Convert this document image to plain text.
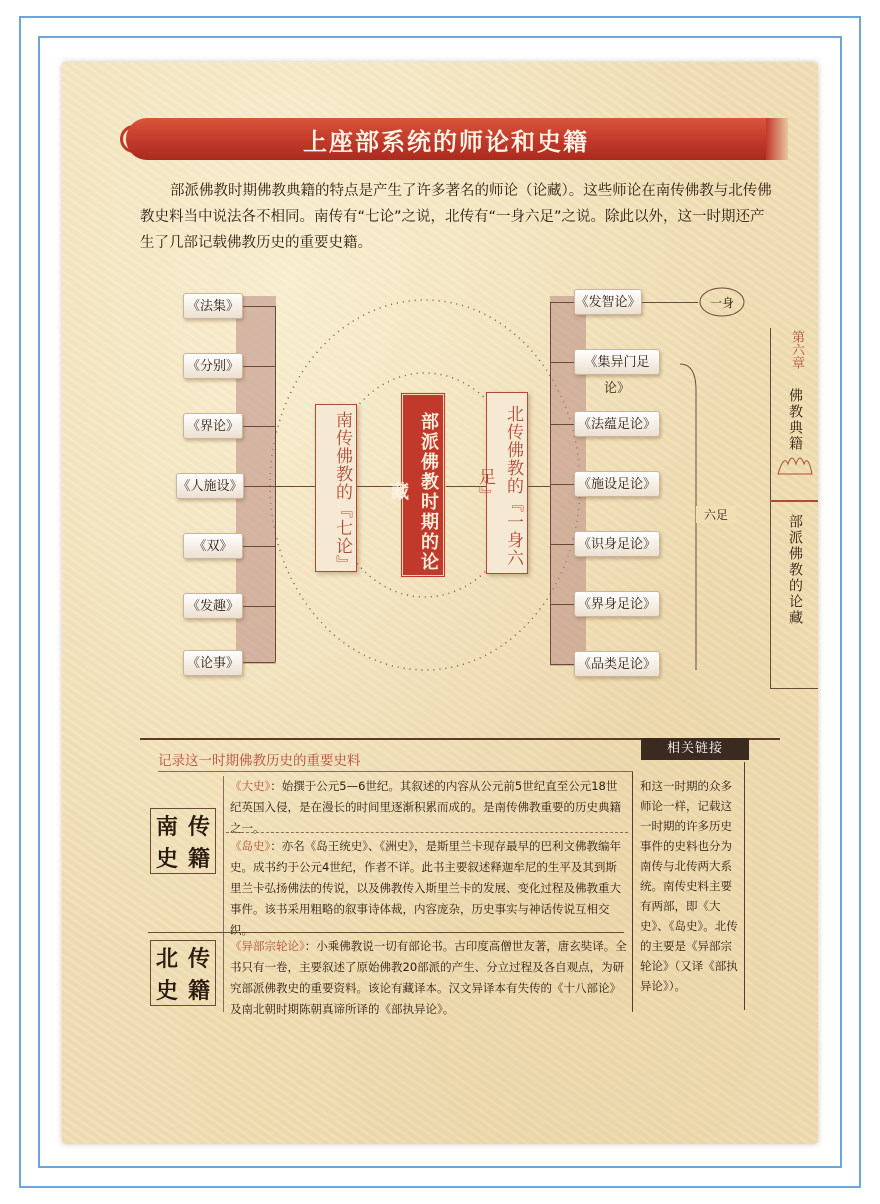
上座部系统的师论和史籍
部派佛教时期佛教典籍的特点是产生了许多著名的师论（论藏）。这些师论在南传佛教与北传佛教史料当中说法各不相同。南传有“七论”之说，北传有“一身六足”之说。除此以外，这一时期还产生了几部记载佛教历史的重要史籍。
《法集》
《分别》
《界论》
《人施设》
《双》
《发趣》
《论事》
南传佛教的『七论』	部派佛教时期的论藏	北传佛教的『一身六足』
《发智论》
《集异门足论》
《法蕴足论》
《施设足论》
《识身足论》
《界身足论》
《品类足论》
一身
六足
第六章
佛教典籍
部派佛教的论藏
相关链接
记录这一时期佛教历史的重要史料
南 传
史 籍
北 传
史 籍
《大史》：始撰于公元5—6世纪。其叙述的内容从公元前5世纪直至公元18世纪英国入侵，是在漫长的时间里逐渐积累而成的。是南传佛教重要的历史典籍之一。
《岛史》：亦名《岛王统史》、《洲史》，是斯里兰卡现存最早的巴利文佛教编年史。成书约于公元4世纪，作者不详。此书主要叙述释迦牟尼的生平及其到斯里兰卡弘扬佛法的传说，以及佛教传入斯里兰卡的发展、变化过程及佛教重大事件。该书采用粗略的叙事诗体裁，内容庞杂，历史事实与神话传说互相交织。
《异部宗轮论》：小乘佛教说一切有部论书。古印度高僧世友著，唐玄奘译。全书只有一卷，主要叙述了原始佛教20部派的产生、分立过程及各自观点，为研究部派佛教史的重要资料。该论有藏译本。汉文异译本有失传的《十八部论》及南北朝时期陈朝真谛所译的《部执异论》。
和这一时期的众多师论一样，记载这一时期的许多历史事件的史料也分为南传与北传两大系统。南传史料主要有两部，即《大史》、《岛史》。北传的主要是《异部宗轮论》（又译《部执异论》）。
